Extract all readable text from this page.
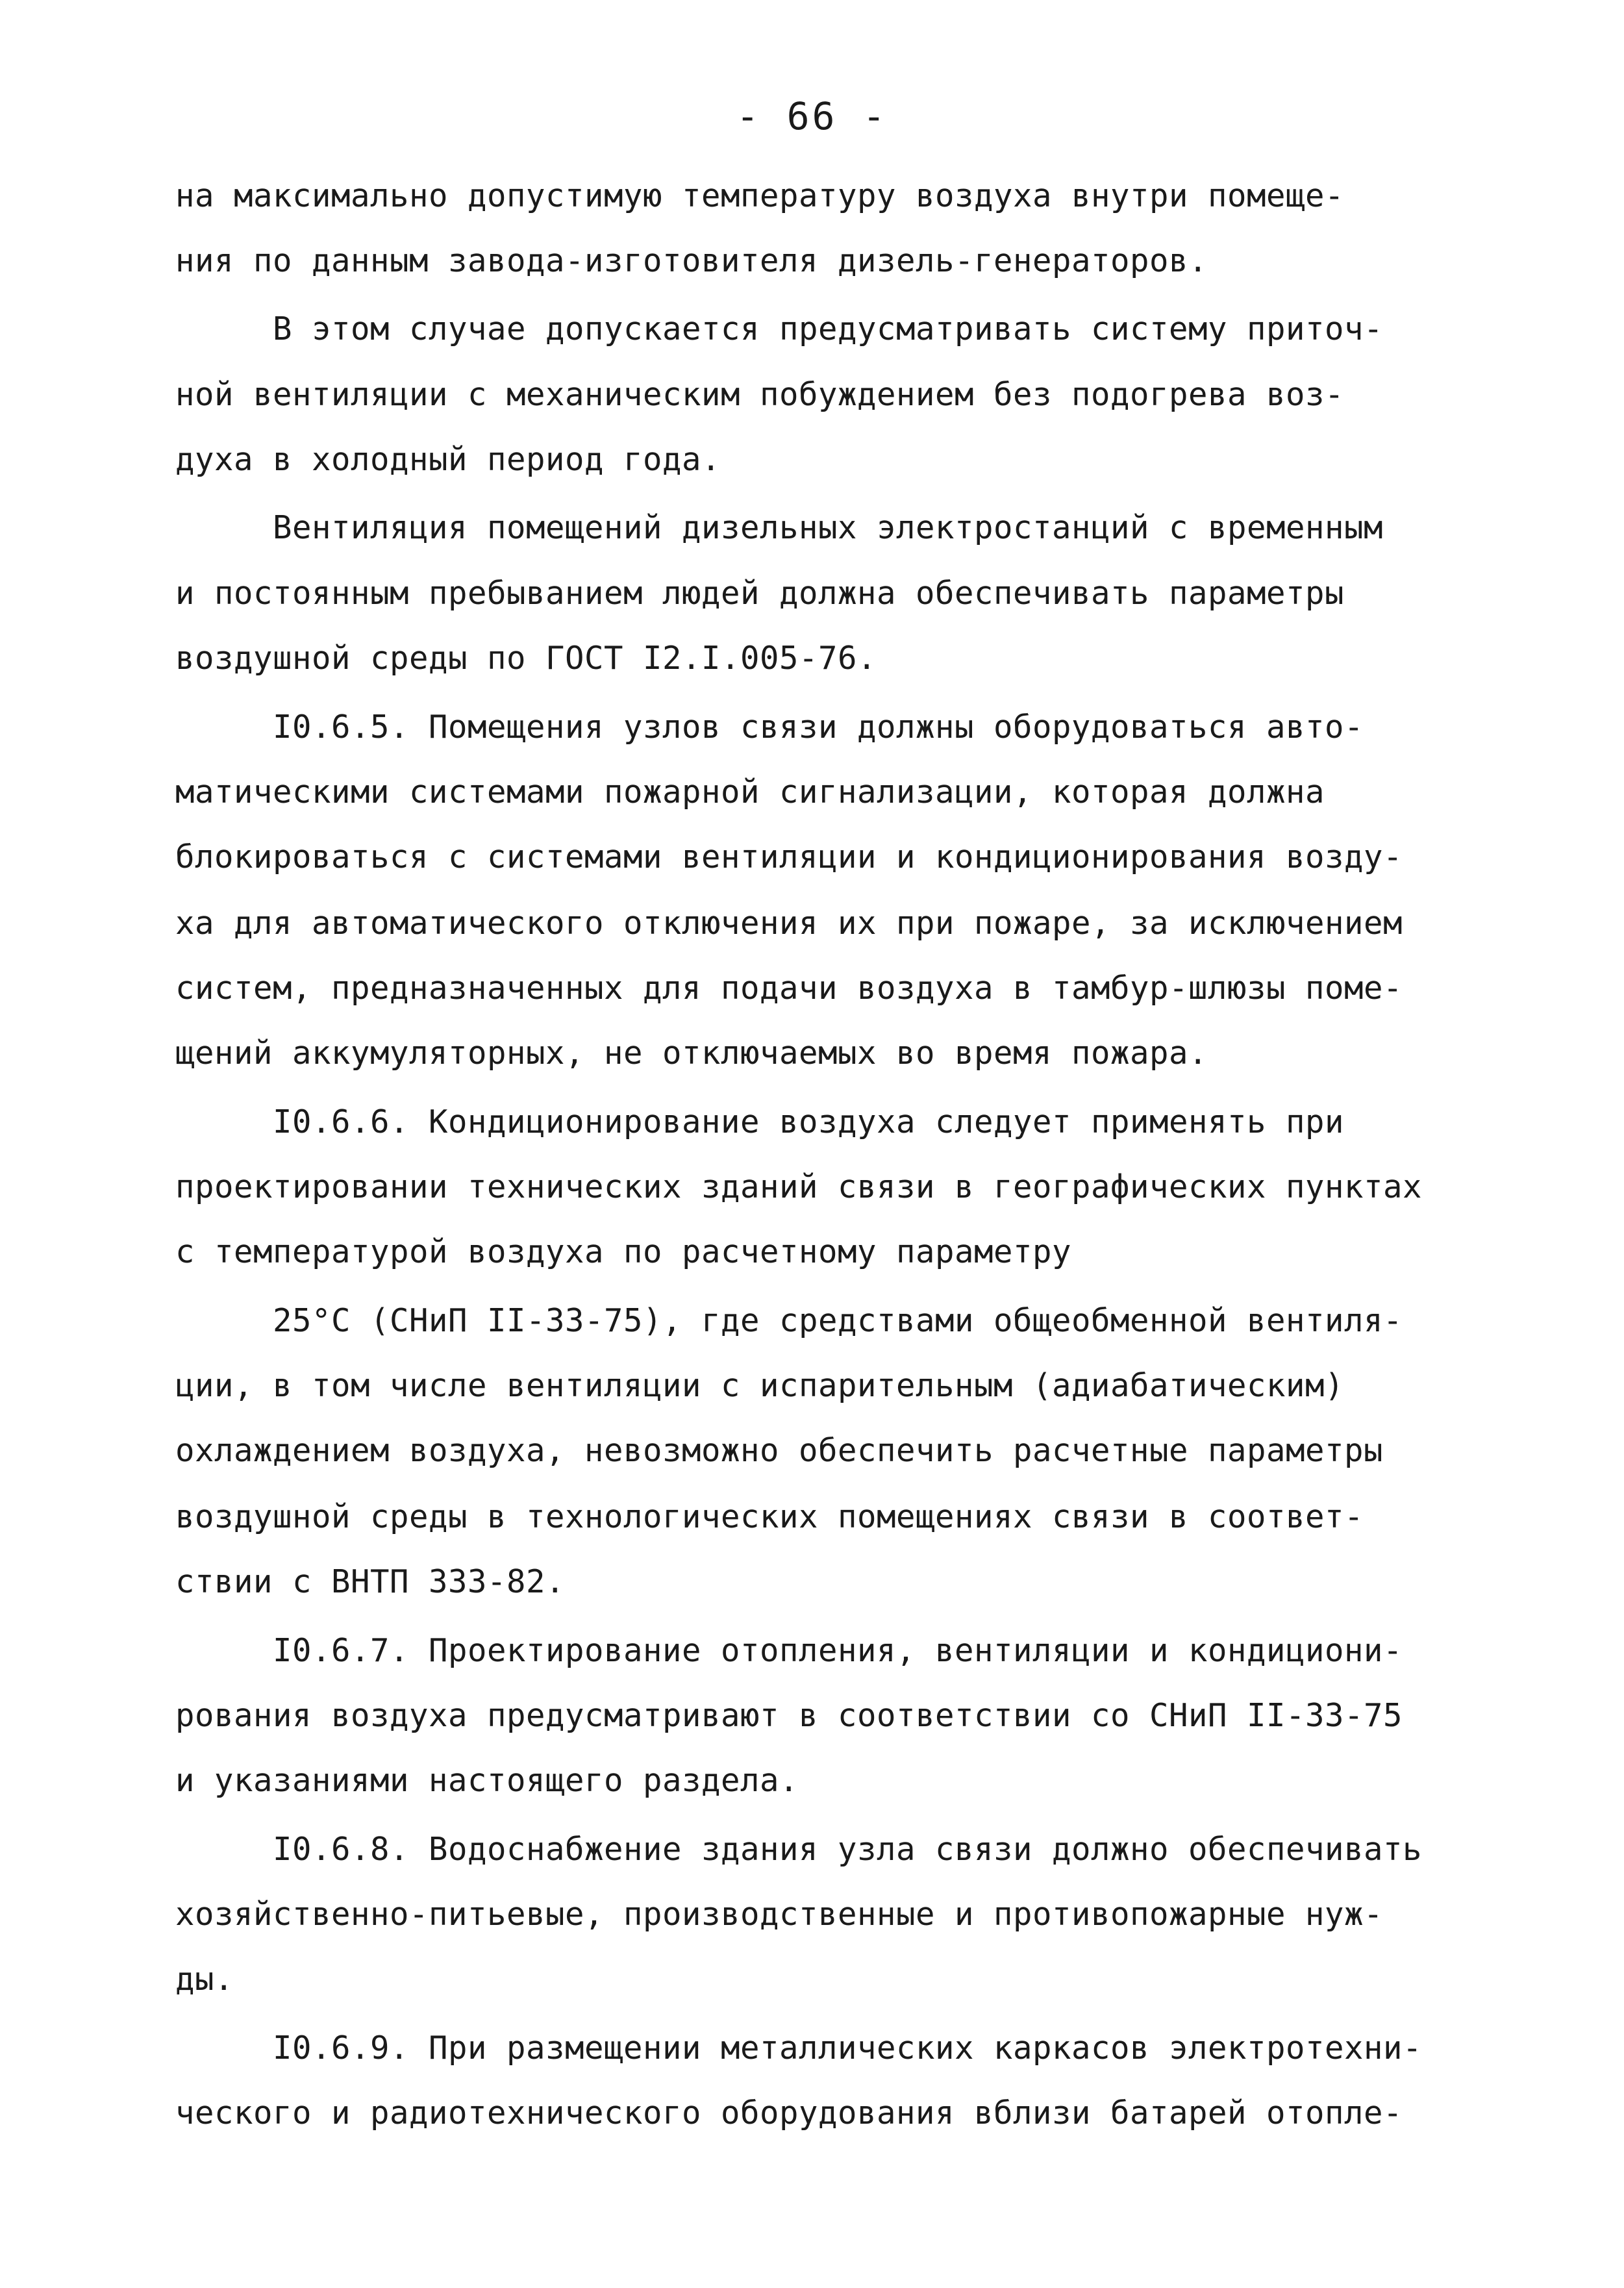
- 66 -
на максимально допустимую температуру воздуха внутри помеще-
ния по данным завода-изготовителя дизель-генераторов.
В этом случае допускается предусматривать систему приточ-
ной вентиляции с механическим побуждением без подогрева воз-
духа в холодный период года.
Вентиляция помещений дизельных электростанций с временным
и постоянным пребыванием людей должна обеспечивать параметры
воздушной среды по ГОСТ I2.I.005-76.
I0.6.5. Помещения узлов связи должны оборудоваться авто-
матическими системами пожарной сигнализации, которая должна
блокироваться с системами вентиляции и кондиционирования возду-
ха для автоматического отключения их при пожаре, за исключением
систем, предназначенных для подачи воздуха в тамбур-шлюзы поме-
щений аккумуляторных, не отключаемых во время пожара.
I0.6.6. Кондиционирование воздуха следует применять при
проектировании технических зданий связи в географических пунктах
с температурой воздуха по расчетному параметру
25°С (СНиП II-33-75), где средствами общеобменной вентиля-
ции, в том числе вентиляции с испарительным (адиабатическим)
охлаждением воздуха, невозможно обеспечить расчетные параметры
воздушной среды в технологических помещениях связи в соответ-
ствии с ВНТП 333-82.
I0.6.7. Проектирование отопления, вентиляции и кондициони-
рования воздуха предусматривают в соответствии со СНиП II-33-75
и указаниями настоящего раздела.
I0.6.8. Водоснабжение здания узла связи должно обеспечивать
хозяйственно-питьевые, производственные и противопожарные нуж-
ды.
I0.6.9. При размещении металлических каркасов электротехни-
ческого и радиотехнического оборудования вблизи батарей отопле-
